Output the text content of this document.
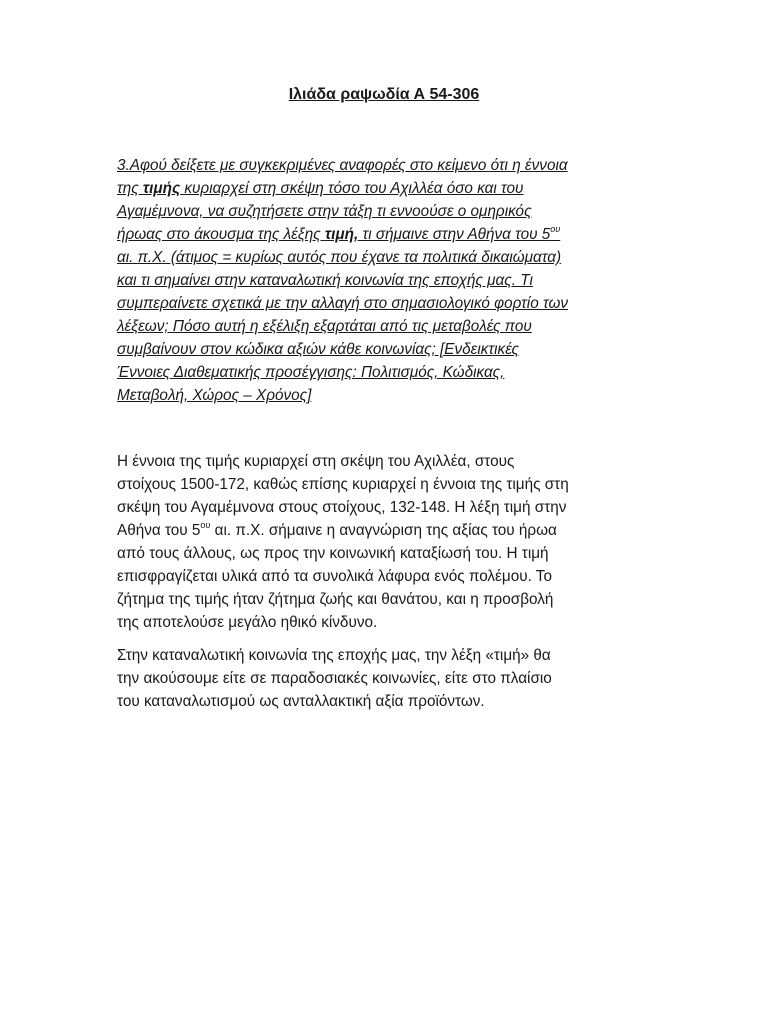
Ιλιάδα ραψωδία Α 54-306
3.Αφού δείξετε με συγκεκριμένες αναφορές στο κείμενο ότι η έννοια
της τιμής κυριαρχεί στη σκέψη τόσο του Αχιλλέα όσο και του
Αγαμέμνονα, να συζητήσετε στην τάξη τι εννοούσε ο ομηρικός
ήρωας στο άκουσμα της λέξης τιμή, τι σήμαινε στην Αθήνα του $5^{o\upsilon}$
αι. π.Χ. (άτιμος = κυρίως αυτός που έχανε τα πολιτικά δικαιώματα)
και τι σημαίνει στην καταναλωτική κοινωνία της εποχής μας. Τι
συμπεραίνετε σχετικά με την αλλαγή στο σημασιολογικό φορτίο των
λέξεων; Πόσο αυτή η εξέλιξη εξαρτάται από τις μεταβολές που
συμβαίνουν στον κώδικα αξιών κάθε κοινωνίας; [Ενδεικτικές
Έννοιες Διαθεματικής προσέγγισης: Πολιτισμός, Κώδικας,
Μεταβολή, Χώρος – Χρόνος]
Η έννοια της τιμής κυριαρχεί στη σκέψη του Αχιλλέα, στους
στοίχους 1500-172, καθώς επίσης κυριαρχεί η έννοια της τιμής στη
σκέψη του Αγαμέμνονα στους στοίχους, 132-148. Η λέξη τιμή στην
Αθήνα του $5^{o\upsilon}$ αι. π.Χ. σήμαινε η αναγνώριση της αξίας του ήρωα
από τους άλλους, ως προς την κοινωνική καταξίωσή του. Η τιμή
επισφραγίζεται υλικά από τα συνολικά λάφυρα ενός πολέμου. Το
ζήτημα της τιμής ήταν ζήτημα ζωής και θανάτου, και η προσβολή
της αποτελούσε μεγάλο ηθικό κίνδυνο.
Στην καταναλωτική κοινωνία της εποχής μας, την λέξη «τιμή» θα
την ακούσουμε είτε σε παραδοσιακές κοινωνίες, είτε στο πλαίσιο
του καταναλωτισμού ως ανταλλακτική αξία προϊόντων.
